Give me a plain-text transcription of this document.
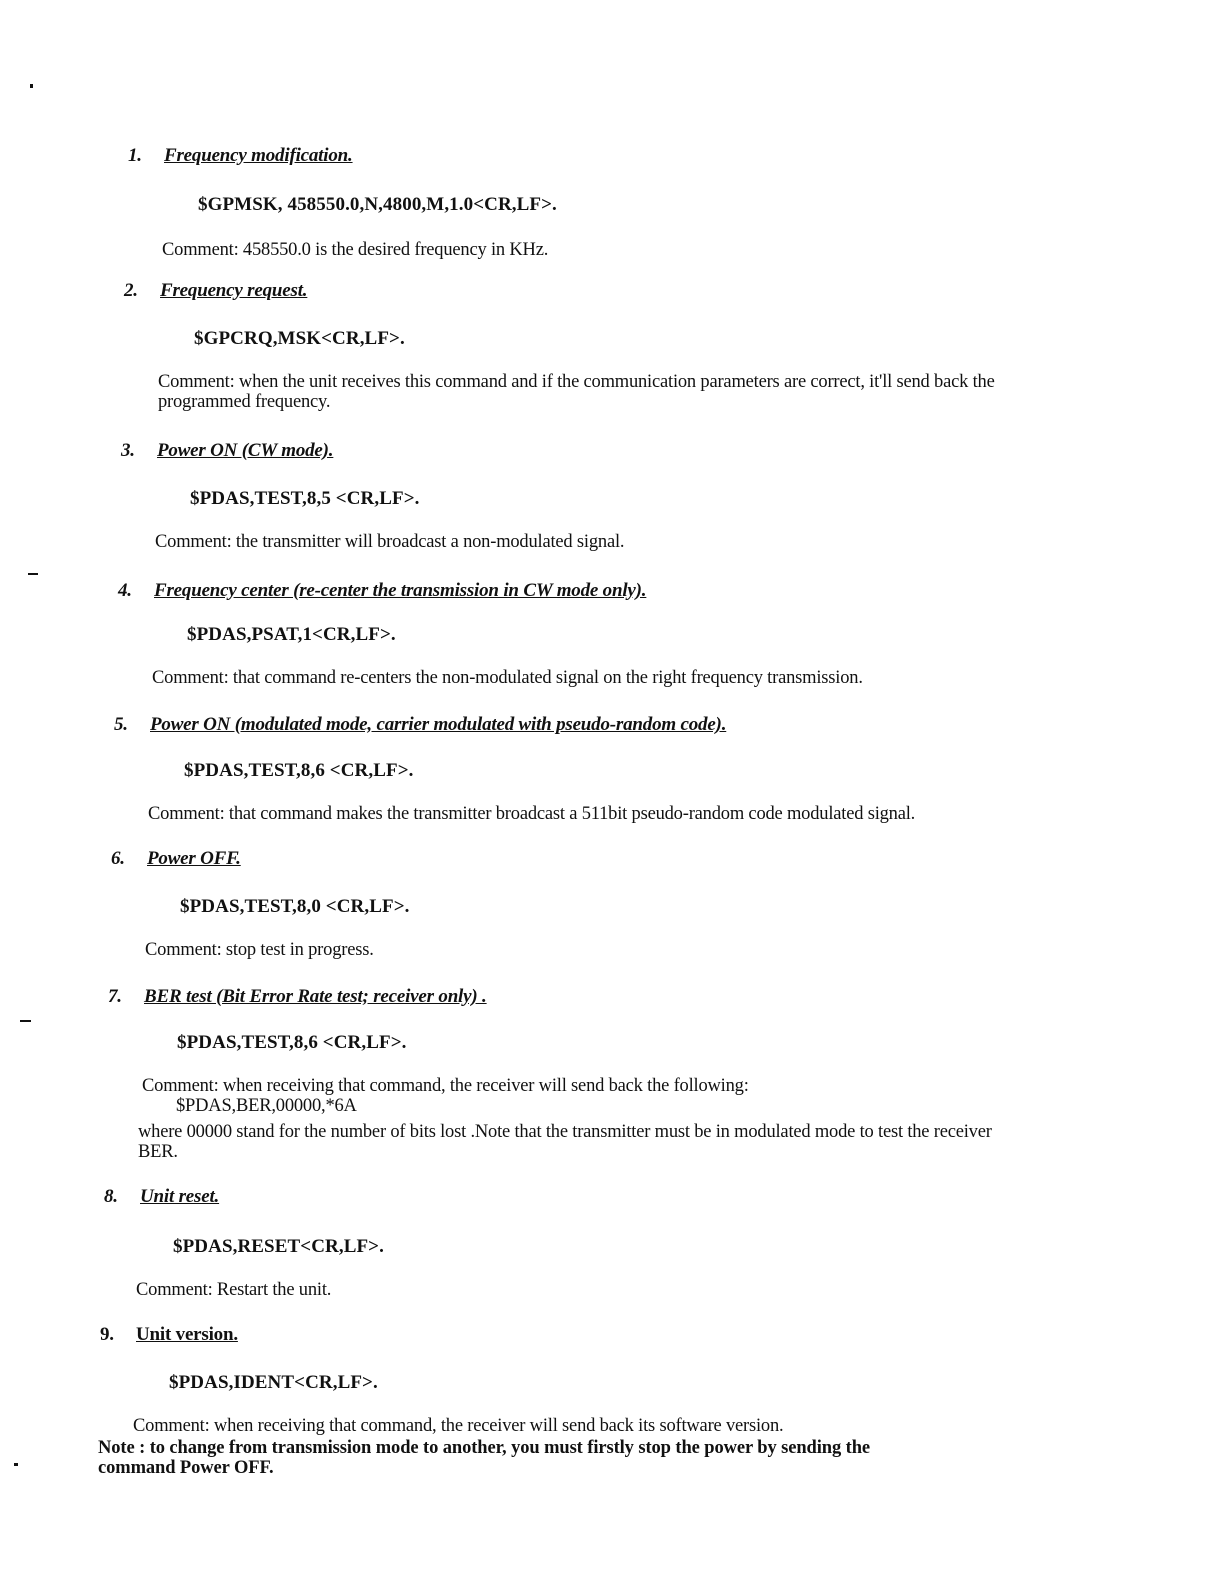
1. Frequency modification.
$GPMSK, 458550.0,N,4800,M,1.0<CR,LF>.
Comment: 458550.0 is the desired frequency in KHz.
2. Frequency request.
$GPCRQ,MSK<CR,LF>.
Comment: when the unit receives this command and if the communication parameters are correct, it'll send back the programmed frequency.
3. Power ON (CW mode).
$PDAS,TEST,8,5 <CR,LF>.
Comment: the transmitter will broadcast a non-modulated signal.
4. Frequency center (re-center the transmission in CW mode only).
$PDAS,PSAT,1<CR,LF>.
Comment: that command re-centers the non-modulated signal on the right frequency transmission.
5. Power ON (modulated mode, carrier modulated with pseudo-random code).
$PDAS,TEST,8,6 <CR,LF>.
Comment: that command makes the transmitter broadcast a 511bit pseudo-random code modulated signal.
6. Power OFF.
$PDAS,TEST,8,0 <CR,LF>.
Comment: stop test in progress.
7. BER test (Bit Error Rate test; receiver only) .
$PDAS,TEST,8,6 <CR,LF>.
Comment: when receiving that command, the receiver will send back the following:
$PDAS,BER,00000,*6A
where 00000 stand for the number of bits lost .Note that the transmitter must be in modulated mode to test the receiver BER.
8. Unit reset.
$PDAS,RESET<CR,LF>.
Comment: Restart the unit.
9. Unit version.
$PDAS,IDENT<CR,LF>.
Comment: when receiving that command, the receiver will send back its software version.
Note : to change from transmission mode to another, you must firstly stop the power by sending the command Power OFF.
